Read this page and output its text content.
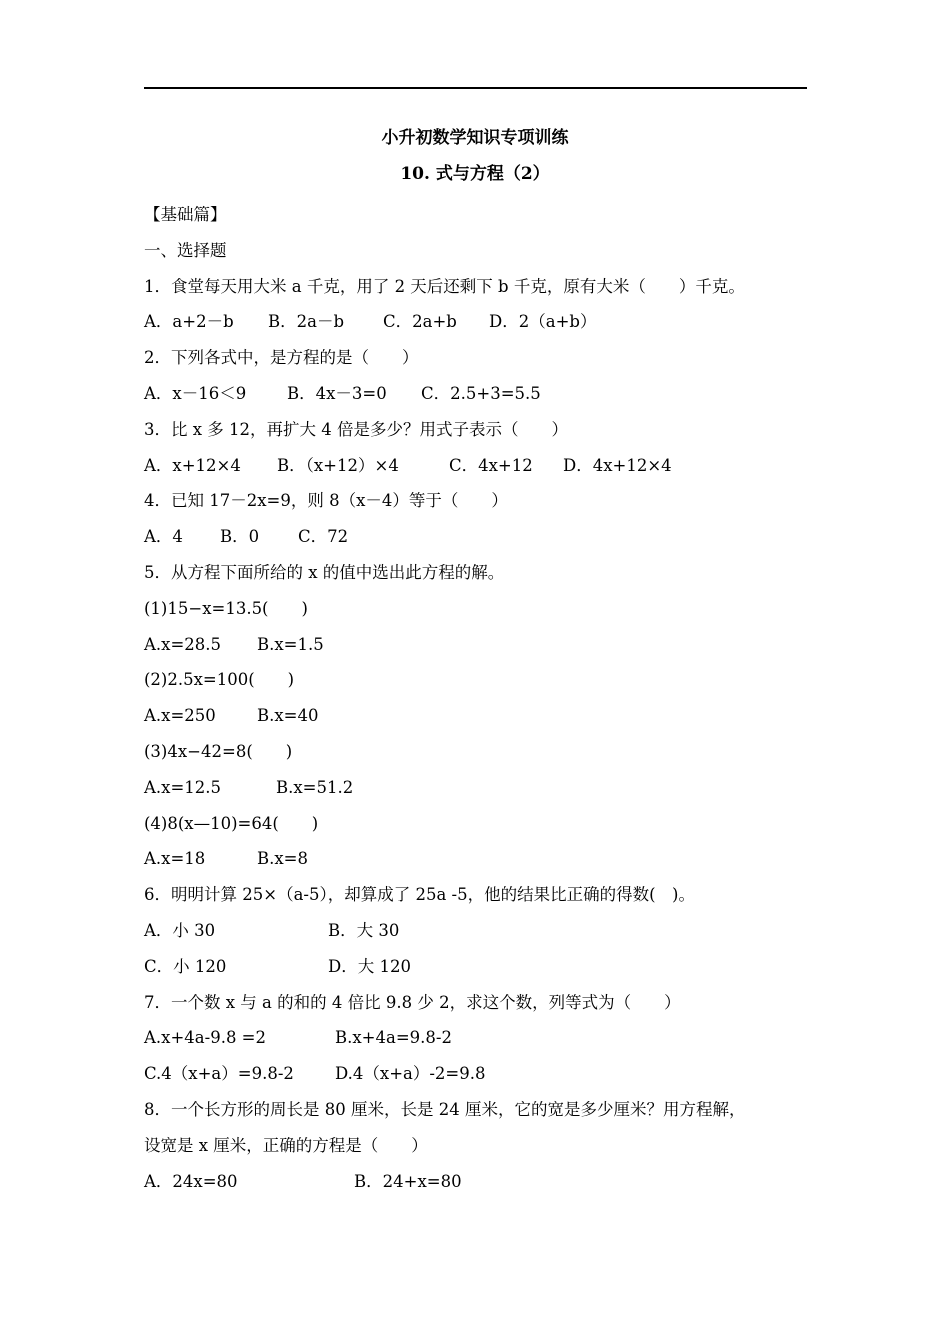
小升初数学知识专项训练
10. 式与方程（2）
【基础篇】
一、选择题
1．食堂每天用大米 a 千克，用了 2 天后还剩下 b 千克，原有大米（　　）千克。
A．a+2－b B．2a－b C．2a+b D．2（a+b）
2．下列各式中，是方程的是（　　）
A．x－16＜9 B．4x－3=0 C．2.5+3=5.5
3．比 x 多 12，再扩大 4 倍是多少？用式子表示（　　）
A．x+12×4 B．（x+12）×4	C．4x+12 D．4x+12×4
4．已知 17－2x=9，则 8（x－4）等于（　　）
A．4 B．0 C．72
5．从方程下面所给的 x 的值中选出此方程的解。
(1)15−x=13.5(　　)
A.x=28.5 B.x=1.5
(2)2.5x=100(　　)
A.x=250 B.x=40
(3)4x−42=8(　　)
A.x=12.5	B.x=51.2
(4)8(x—10)=64(　　)
A.x=18	B.x=8
6．明明计算 25×（a-5），却算成了 25a -5，他的结果比正确的得数(　)。
A．小 30	B．大 30
C．小 120	D．大 120
7．一个数 x 与 a 的和的 4 倍比 9.8 少 2，求这个数，列等式为（　　）
A.x+4a-9.8 =2	B.x+4a=9.8-2
C.4（x+a）=9.8-2 D.4（x+a）-2=9.8
8．一个长方形的周长是 80 厘米，长是 24 厘米，它的宽是多少厘米？用方程解，
设宽是 x 厘米，正确的方程是（　　）
A．24x=80	B．24+x=80
